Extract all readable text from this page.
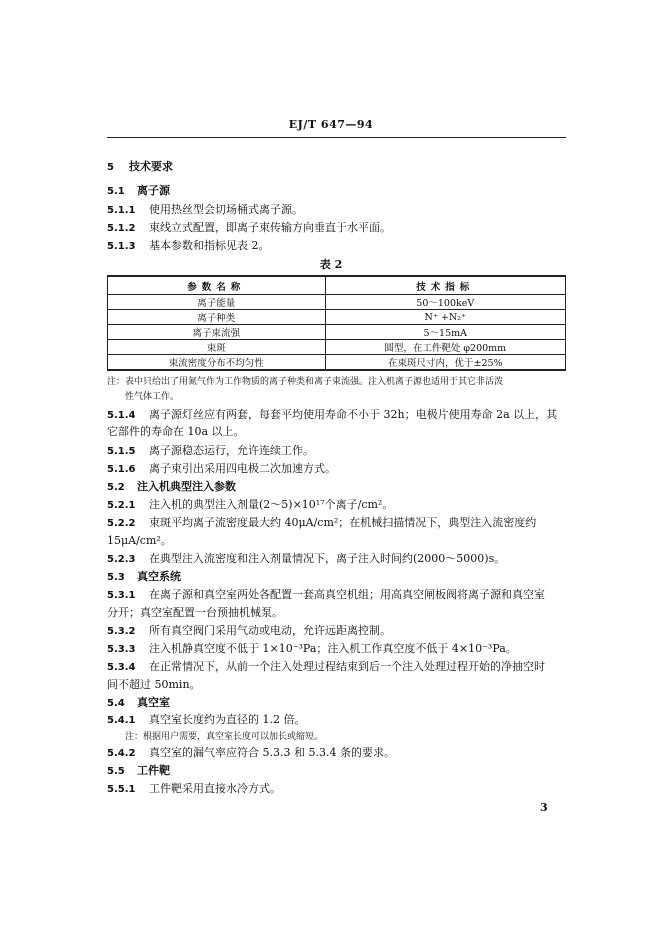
EJ/T 647—94
5 技术要求
5.1 离子源
5.1.1 使用热丝型会切场桶式离子源。
5.1.2 束线立式配置，即离子束传输方向垂直于水平面。
5.1.3 基本参数和指标见表 2。
表 2
参数名称	技术指标
离子能量	50～100keV
离子种类	N⁺ +N₂⁺
离子束流强	5～15mA
束斑	圆型，在工件靶处 φ200mm
束流密度分布不均匀性	在束斑尺寸内，优于±25%
注：表中只给出了用氮气作为工作物质的离子种类和离子束流强。注入机离子源也适用于其它非活泼
性气体工作。
5.1.4 离子源灯丝应有两套，每套平均使用寿命不小于 32h；电极片使用寿命 2a 以上，其
它部件的寿命在 10a 以上。
5.1.5 离子源稳态运行，允许连续工作。
5.1.6 离子束引出采用四电极二次加速方式。
5.2 注入机典型注入参数
5.2.1 注入机的典型注入剂量(2～5)×10¹⁷个离子/cm²。
5.2.2 束斑平均离子流密度最大约 40μA/cm²；在机械扫描情况下，典型注入流密度约
15μA/cm²。
5.2.3 在典型注入流密度和注入剂量情况下，离子注入时间约(2000～5000)s。
5.3 真空系统
5.3.1 在离子源和真空室两处各配置一套高真空机组；用高真空闸板阀将离子源和真空室
分开；真空室配置一台预抽机械泵。
5.3.2 所有真空阀门采用气动或电动，允许远距离控制。
5.3.3 注入机静真空度不低于 1×10⁻³Pa；注入机工作真空度不低于 4×10⁻³Pa。
5.3.4 在正常情况下，从前一个注入处理过程结束到后一个注入处理过程开始的净抽空时
间不超过 50min。
5.4 真空室
5.4.1 真空室长度约为直径的 1.2 倍。
注：根据用户需要，真空室长度可以加长或缩短。
5.4.2 真空室的漏气率应符合 5.3.3 和 5.3.4 条的要求。
5.5 工件靶
5.5.1 工件靶采用直接水冷方式。
3
